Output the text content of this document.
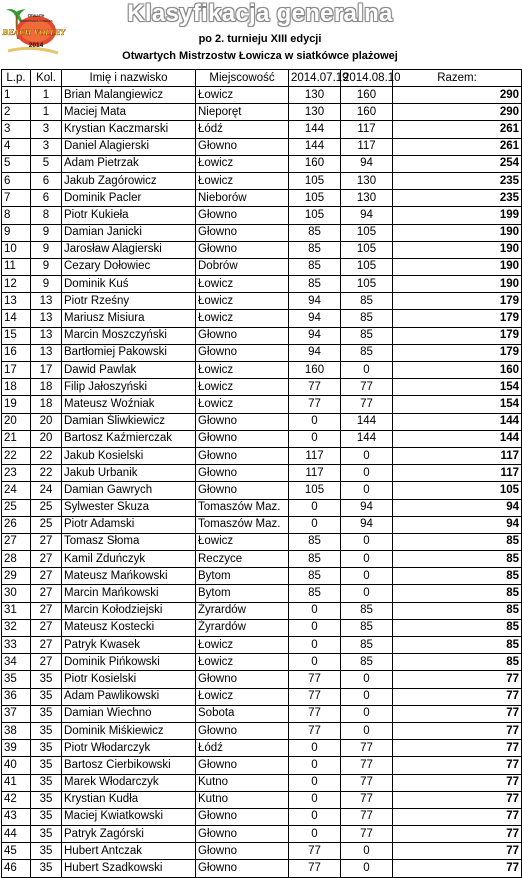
Otwarte
Mistrzostwa Łowicza
BEACH VOLLEY
2014
Klasyfikacja generalna
po 2. turnieju XIII edycji
Otwartych Mistrzostw Łowicza w siatkówce plażowej
L.p.	Kol.	Imię i nazwisko	Miejscowość	2014.07.19	2014.08.10	Razem:
1	1	Brian Malangiewicz	Łowicz	130	160	290
2	1	Maciej Mata	Nieporęt	130	160	290
3	3	Krystian Kaczmarski	Łódź	144	117	261
4	3	Daniel Alagierski	Głowno	144	117	261
5	5	Adam Pietrzak	Łowicz	160	94	254
6	6	Jakub Zagórowicz	Łowicz	105	130	235
7	6	Dominik Pacler	Nieborów	105	130	235
8	8	Piotr Kukieła	Głowno	105	94	199
9	9	Damian Janicki	Głowno	85	105	190
10	9	Jarosław Alagierski	Głowno	85	105	190
11	9	Cezary Dołowiec	Dobrów	85	105	190
12	9	Dominik Kuś	Łowicz	85	105	190
13	13	Piotr Rześny	Łowicz	94	85	179
14	13	Mariusz Misiura	Łowicz	94	85	179
15	13	Marcin Moszczyński	Głowno	94	85	179
16	13	Bartłomiej Pakowski	Głowno	94	85	179
17	17	Dawid Pawlak	Łowicz	160	0	160
18	18	Filip Jałoszyński	Łowicz	77	77	154
19	18	Mateusz Woźniak	Łowicz	77	77	154
20	20	Damian Śliwkiewicz	Głowno	0	144	144
21	20	Bartosz Kaźmierczak	Głowno	0	144	144
22	22	Jakub Kosielski	Głowno	117	0	117
23	22	Jakub Urbanik	Głowno	117	0	117
24	24	Damian Gawrych	Głowno	105	0	105
25	25	Sylwester Skuza	Tomaszów Maz.	0	94	94
26	25	Piotr Adamski	Tomaszów Maz.	0	94	94
27	27	Tomasz Słoma	Łowicz	85	0	85
28	27	Kamil Zduńczyk	Reczyce	85	0	85
29	27	Mateusz Mańkowski	Bytom	85	0	85
30	27	Marcin Mańkowski	Bytom	85	0	85
31	27	Marcin Kołodziejski	Żyrardów	0	85	85
32	27	Mateusz Kostecki	Żyrardów	0	85	85
33	27	Patryk Kwasek	Łowicz	0	85	85
34	27	Dominik Pińkowski	Łowicz	0	85	85
35	35	Piotr Kosielski	Głowno	77	0	77
36	35	Adam Pawlikowski	Łowicz	77	0	77
37	35	Damian Wiechno	Sobota	77	0	77
38	35	Dominik Miśkiewicz	Głowno	77	0	77
39	35	Piotr Włodarczyk	Łódź	0	77	77
40	35	Bartosz Cierbikowski	Głowno	0	77	77
41	35	Marek Włodarczyk	Kutno	0	77	77
42	35	Krystian Kudła	Kutno	0	77	77
43	35	Maciej Kwiatkowski	Głowno	0	77	77
44	35	Patryk Zagórski	Głowno	0	77	77
45	35	Hubert Antczak	Głowno	77	0	77
46	35	Hubert Szadkowski	Głowno	77	0	77
